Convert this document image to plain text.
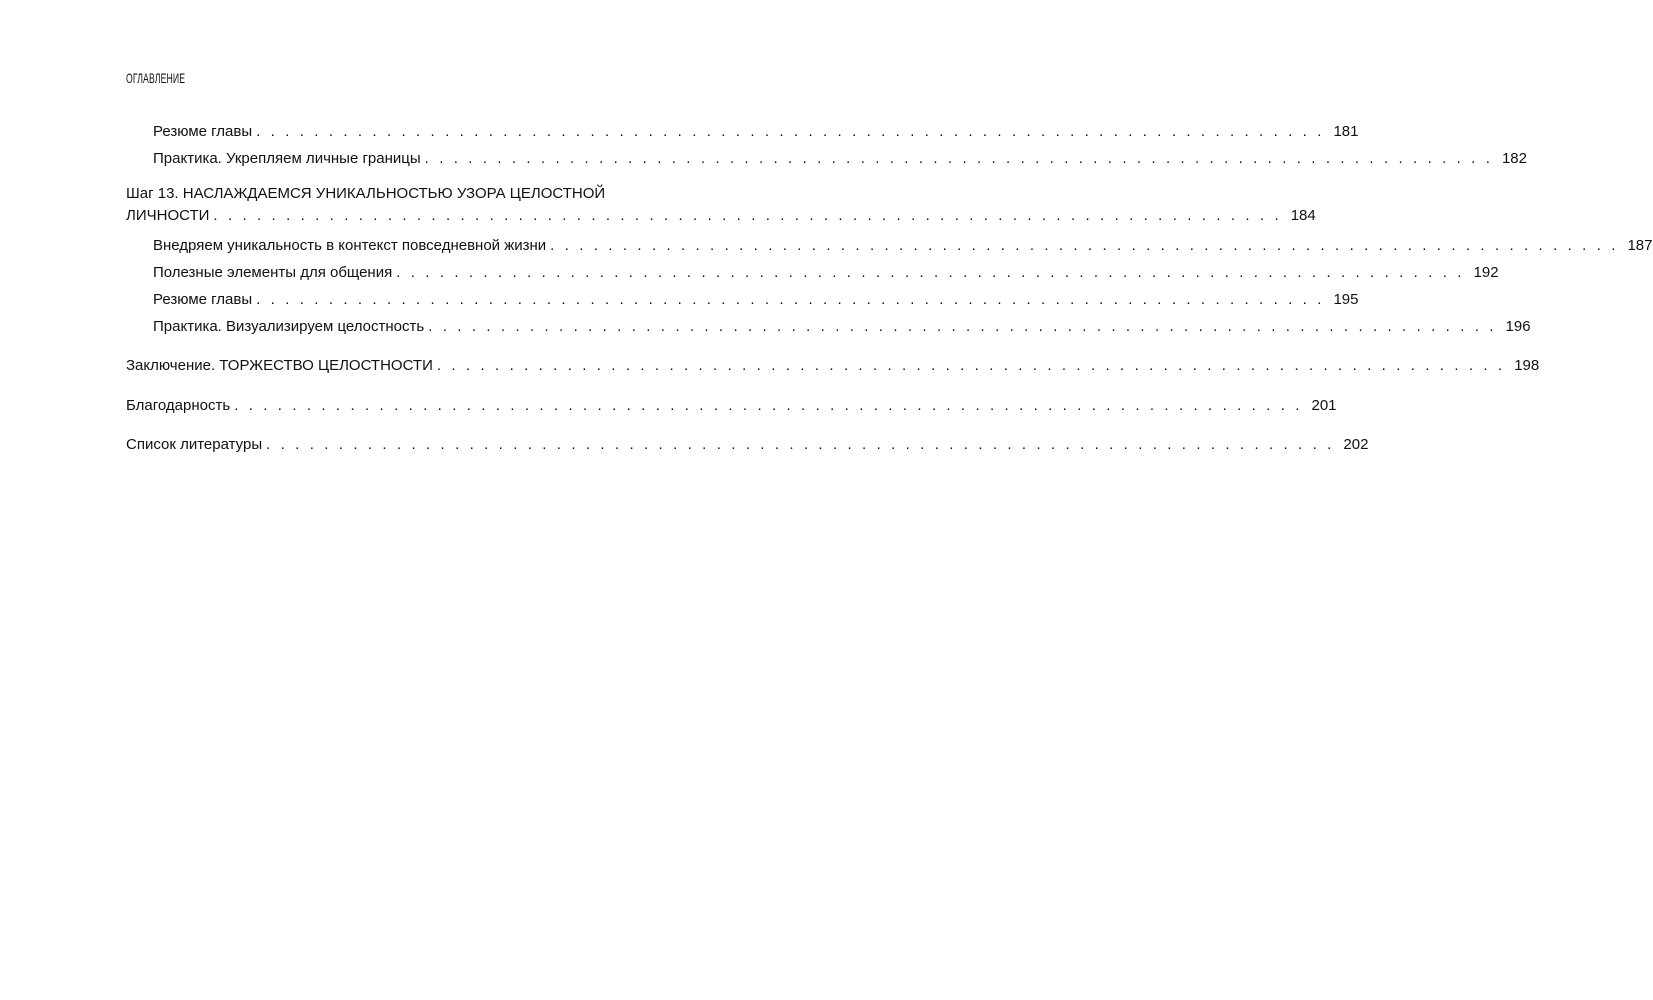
ОГЛАВЛЕНИЕ
Резюме главы . . . . . . . . . . . . . . . . . . . . . . . . . . . . . . . . . . . . . . . . . . . . . . . . . . . . . . . . . . . . . . . . . . . . . . . . . . 181
Практика. Укрепляем личные границы . . . . . . . . . . . . . . . . . . . . . . . . . . . . . . . . . . . . . . . . . . . . . . . . . . . . . . . . . . . . . . . . . . . . . . . . . . 182
Шаг 13. НАСЛАЖДАЕМСЯ УНИКАЛЬНОСТЬЮ УЗОРА ЦЕЛОСТНОЙ
ЛИЧНОСТИ . . . . . . . . . . . . . . . . . . . . . . . . . . . . . . . . . . . . . . . . . . . . . . . . . . . . . . . . . . . . . . . . . . . . . . . . . . 184
Внедряем уникальность в контекст повседневной жизни . . . . . . . . . . . . . . . . . . . . . . . . . . . . . . . . . . . . . . . . . . . . . . . . . . . . . . . . . . . . . . . . . . . . . . . . . . 187
Полезные элементы для общения . . . . . . . . . . . . . . . . . . . . . . . . . . . . . . . . . . . . . . . . . . . . . . . . . . . . . . . . . . . . . . . . . . . . . . . . . . 192
Резюме главы . . . . . . . . . . . . . . . . . . . . . . . . . . . . . . . . . . . . . . . . . . . . . . . . . . . . . . . . . . . . . . . . . . . . . . . . . . 195
Практика. Визуализируем целостность . . . . . . . . . . . . . . . . . . . . . . . . . . . . . . . . . . . . . . . . . . . . . . . . . . . . . . . . . . . . . . . . . . . . . . . . . . 196
Заключение. ТОРЖЕСТВО ЦЕЛОСТНОСТИ . . . . . . . . . . . . . . . . . . . . . . . . . . . . . . . . . . . . . . . . . . . . . . . . . . . . . . . . . . . . . . . . . . . . . . . . . . 198
Благодарность . . . . . . . . . . . . . . . . . . . . . . . . . . . . . . . . . . . . . . . . . . . . . . . . . . . . . . . . . . . . . . . . . . . . . . . . . . 201
Список литературы . . . . . . . . . . . . . . . . . . . . . . . . . . . . . . . . . . . . . . . . . . . . . . . . . . . . . . . . . . . . . . . . . . . . . . . . . . 202
